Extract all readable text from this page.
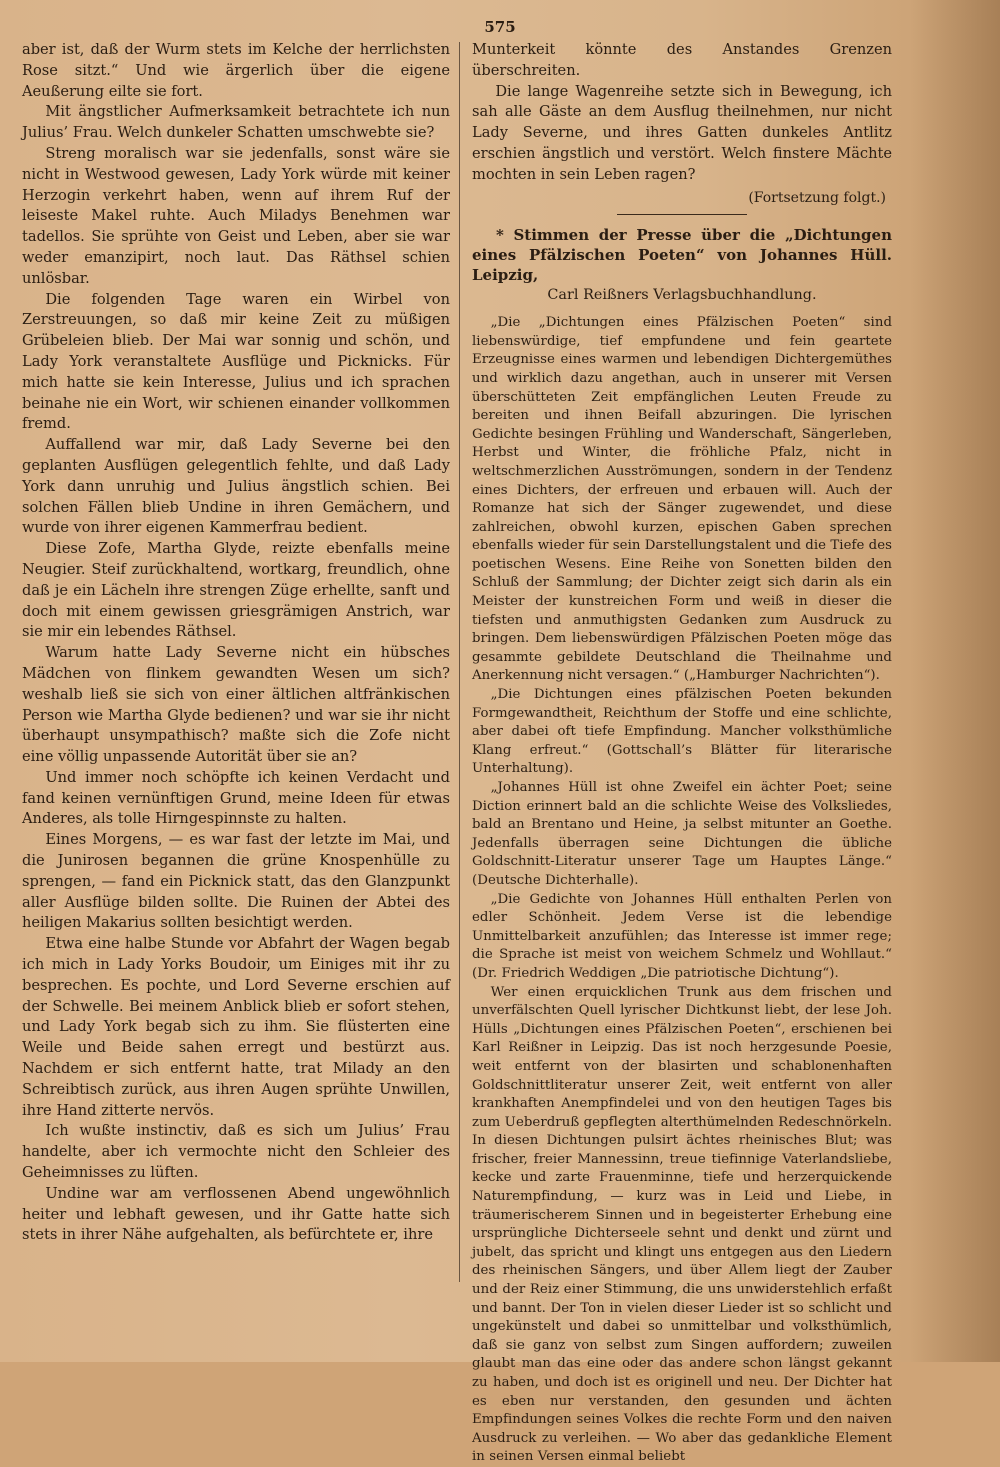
575

aber ist, daß der Wurm stets im Kelche der herrlichsten Rose sitzt.“ Und wie ärgerlich über die eigene Aeußerung eilte sie fort.

Mit ängstlicher Aufmerksamkeit betrachtete ich nun Julius’ Frau. Welch dunkeler Schatten umschwebte sie?

Streng moralisch war sie jedenfalls, sonst wäre sie nicht in Westwood gewesen, Lady York würde mit keiner Herzogin verkehrt haben, wenn auf ihrem Ruf der leiseste Makel ruhte. Auch Miladys Benehmen war tadellos. Sie sprühte von Geist und Leben, aber sie war weder emanzipirt, noch laut. Das Räthsel schien unlösbar.

Die folgenden Tage waren ein Wirbel von Zerstreuungen, so daß mir keine Zeit zu müßigen Grübeleien blieb. Der Mai war sonnig und schön, und Lady York veranstaltete Ausflüge und Picknicks. Für mich hatte sie kein Interesse, Julius und ich sprachen beinahe nie ein Wort, wir schienen einander vollkommen fremd.

Auffallend war mir, daß Lady Severne bei den geplanten Ausflügen gelegentlich fehlte, und daß Lady York dann unruhig und Julius ängstlich schien. Bei solchen Fällen blieb Undine in ihren Gemächern, und wurde von ihrer eigenen Kammerfrau bedient.

Diese Zofe, Martha Glyde, reizte ebenfalls meine Neugier. Steif zurückhaltend, wortkarg, freundlich, ohne daß je ein Lächeln ihre strengen Züge erhellte, sanft und doch mit einem gewissen griesgrämigen Anstrich, war sie mir ein lebendes Räthsel.

Warum hatte Lady Severne nicht ein hübsches Mädchen von flinkem gewandten Wesen um sich? weshalb ließ sie sich von einer ältlichen altfränkischen Person wie Martha Glyde bedienen? und war sie ihr nicht überhaupt unsympathisch? maßte sich die Zofe nicht eine völlig unpassende Autorität über sie an?

Und immer noch schöpfte ich keinen Verdacht und fand keinen vernünftigen Grund, meine Ideen für etwas Anderes, als tolle Hirngespinnste zu halten.

Eines Morgens, — es war fast der letzte im Mai, und die Junirosen begannen die grüne Knospenhülle zu sprengen, — fand ein Picknick statt, das den Glanzpunkt aller Ausflüge bilden sollte. Die Ruinen der Abtei des heiligen Makarius sollten besichtigt werden.

Etwa eine halbe Stunde vor Abfahrt der Wagen begab ich mich in Lady Yorks Boudoir, um Einiges mit ihr zu besprechen. Es pochte, und Lord Severne erschien auf der Schwelle. Bei meinem Anblick blieb er sofort stehen, und Lady York begab sich zu ihm. Sie flüsterten eine Weile und Beide sahen erregt und bestürzt aus. Nachdem er sich entfernt hatte, trat Milady an den Schreibtisch zurück, aus ihren Augen sprühte Unwillen, ihre Hand zitterte nervös.

Ich wußte instinctiv, daß es sich um Julius’ Frau handelte, aber ich vermochte nicht den Schleier des Geheimnisses zu lüften.

Undine war am verflossenen Abend ungewöhnlich heiter und lebhaft gewesen, und ihr Gatte hatte sich stets in ihrer Nähe aufgehalten, als befürchtete er, ihre

Munterkeit könnte des Anstandes Grenzen überschreiten.

Die lange Wagenreihe setzte sich in Bewegung, ich sah alle Gäste an dem Ausflug theilnehmen, nur nicht Lady Severne, und ihres Gatten dunkeles Antlitz erschien ängstlich und verstört. Welch finstere Mächte mochten in sein Leben ragen?

(Fortsetzung folgt.)

* Stimmen der Presse über die „Dichtungen eines Pfälzischen Poeten“ von Johannes Hüll. Leipzig,

Carl Reißners Verlagsbuchhandlung.

„Die „Dichtungen eines Pfälzischen Poeten“ sind liebenswürdige, tief empfundene und fein geartete Erzeugnisse eines warmen und lebendigen Dichtergemüthes und wirklich dazu angethan, auch in unserer mit Versen überschütteten Zeit empfänglichen Leuten Freude zu bereiten und ihnen Beifall abzuringen. Die lyrischen Gedichte besingen Frühling und Wanderschaft, Sängerleben, Herbst und Winter, die fröhliche Pfalz, nicht in weltschmerzlichen Ausströmungen, sondern in der Tendenz eines Dichters, der erfreuen und erbauen will. Auch der Romanze hat sich der Sänger zugewendet, und diese zahlreichen, obwohl kurzen, epischen Gaben sprechen ebenfalls wieder für sein Darstellungstalent und die Tiefe des poetischen Wesens. Eine Reihe von Sonetten bilden den Schluß der Sammlung; der Dichter zeigt sich darin als ein Meister der kunstreichen Form und weiß in dieser die tiefsten und anmuthigsten Gedanken zum Ausdruck zu bringen. Dem liebenswürdigen Pfälzischen Poeten möge das gesammte gebildete Deutschland die Theilnahme und Anerkennung nicht versagen.“ („Hamburger Nachrichten“).

„Die Dichtungen eines pfälzischen Poeten bekunden Formgewandtheit, Reichthum der Stoffe und eine schlichte, aber dabei oft tiefe Empfindung. Mancher volksthümliche Klang erfreut.“ (Gottschall’s Blätter für literarische Unterhaltung).

„Johannes Hüll ist ohne Zweifel ein ächter Poet; seine Diction erinnert bald an die schlichte Weise des Volksliedes, bald an Brentano und Heine, ja selbst mitunter an Goethe. Jedenfalls überragen seine Dichtungen die übliche Goldschnitt-Literatur unserer Tage um Hauptes Länge.“ (Deutsche Dichterhalle).

„Die Gedichte von Johannes Hüll enthalten Perlen von edler Schönheit. Jedem Verse ist die lebendige Unmittelbarkeit anzufühlen; das Interesse ist immer rege; die Sprache ist meist von weichem Schmelz und Wohllaut.“ (Dr. Friedrich Weddigen „Die patriotische Dichtung“).

Wer einen erquicklichen Trunk aus dem frischen und unverfälschten Quell lyrischer Dichtkunst liebt, der lese Joh. Hülls „Dichtungen eines Pfälzischen Poeten“, erschienen bei Karl Reißner in Leipzig. Das ist noch herzgesunde Poesie, weit entfernt von der blasirten und schablonenhaften Goldschnittliteratur unserer Zeit, weit entfernt von aller krankhaften Anempfindelei und von den heutigen Tages bis zum Ueberdruß gepflegten alterthümelnden Redeschnörkeln. In diesen Dichtungen pulsirt ächtes rheinisches Blut; was frischer, freier Mannessinn, treue tiefinnige Vaterlandsliebe, kecke und zarte Frauenminne, tiefe und herzerquickende Naturempfindung, — kurz was in Leid und Liebe, in träumerischerem Sinnen und in begeisterter Erhebung eine ursprüngliche Dichterseele sehnt und denkt und zürnt und jubelt, das spricht und klingt uns entgegen aus den Liedern des rheinischen Sängers, und über Allem liegt der Zauber und der Reiz einer Stimmung, die uns unwiderstehlich erfaßt und bannt. Der Ton in vielen dieser Lieder ist so schlicht und ungekünstelt und dabei so unmittelbar und volksthümlich, daß sie ganz von selbst zum Singen auffordern; zuweilen glaubt man das eine oder das andere schon längst gekannt zu haben, und doch ist es originell und neu. Der Dichter hat es eben nur verstanden, den gesunden und ächten Empfindungen seines Volkes die rechte Form und den naiven Ausdruck zu verleihen. — Wo aber das gedankliche Element in seinen Versen einmal beliebt
